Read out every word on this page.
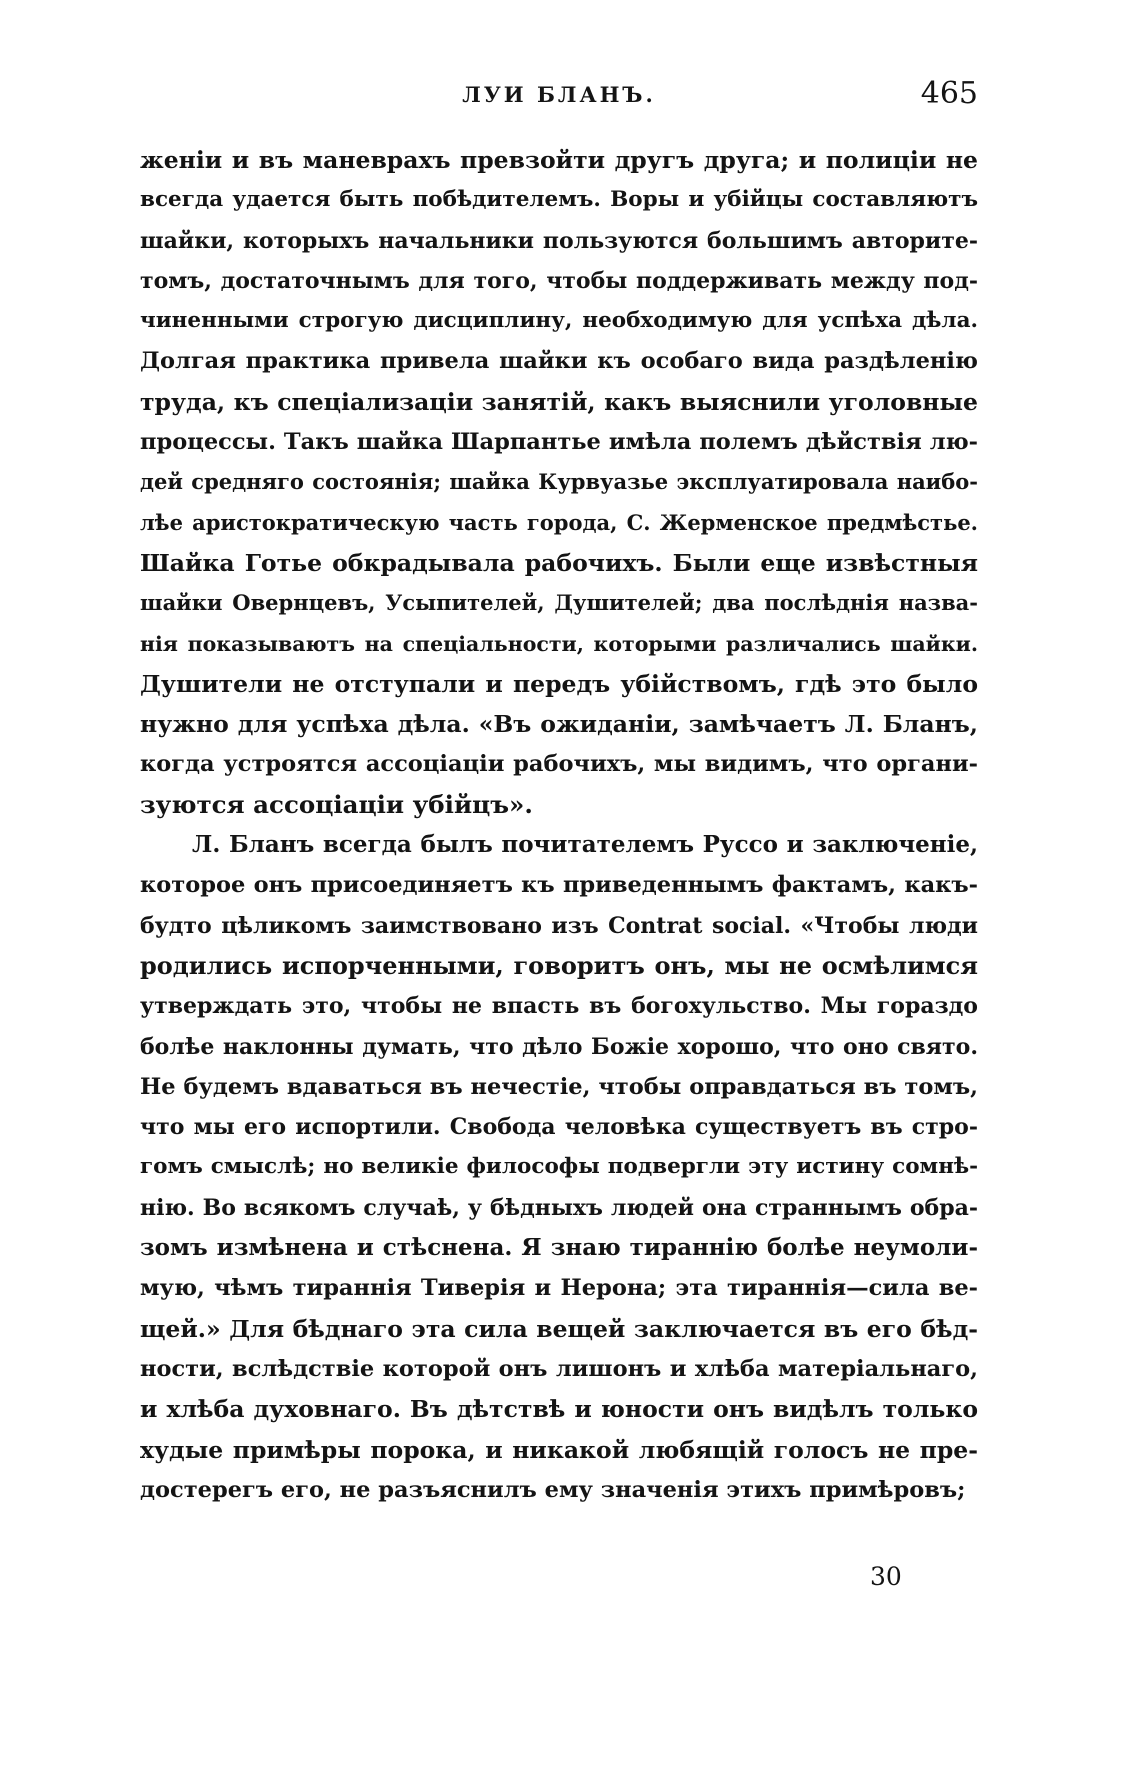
ЛУИ БЛАНЪ.	465
женіи и въ маневрахъ превзойти другъ друга; и полиціи не
всегда удается быть побѣдителемъ. Воры и убійцы составляютъ
шайки, которыхъ начальники пользуются большимъ авторите-
томъ, достаточнымъ для того, чтобы поддерживать между под-
чиненными строгую дисциплину, необходимую для успѣха дѣла.
Долгая практика привела шайки къ особаго вида раздѣленію
труда, къ спеціализаціи занятій, какъ выяснили уголовные
процессы. Такъ шайка Шарпантье имѣла полемъ дѣйствія лю-
дей средняго состоянія; шайка Курвуазье эксплуатировала наибо-
лѣе аристократическую часть города, С. Жерменское предмѣстье.
Шайка Готье обкрадывала рабочихъ. Были еще извѣстныя
шайки Овернцевъ, Усыпителей, Душителей; два послѣднія назва-
нія показываютъ на спеціальности, которыми различались шайки.
Душители не отступали и передъ убійствомъ, гдѣ это было
нужно для успѣха дѣла. «Въ ожиданіи, замѣчаетъ Л. Бланъ,
когда устроятся ассоціаціи рабочихъ, мы видимъ, что органи-
зуются ассоціаціи убійцъ».
Л. Бланъ всегда былъ почитателемъ Руссо и заключеніе,
которое онъ присоединяетъ къ приведеннымъ фактамъ, какъ-
будто цѣликомъ заимствовано изъ Contrat social. «Чтобы люди
родились испорченными, говоритъ онъ, мы не осмѣлимся
утверждать это, чтобы не впасть въ богохульство. Мы гораздо
болѣе наклонны думать, что дѣло Божіе хорошо, что оно свято.
Не будемъ вдаваться въ нечестіе, чтобы оправдаться въ томъ,
что мы его испортили. Свобода человѣка существуетъ въ стро-
гомъ смыслѣ; но великіе философы подвергли эту истину сомнѣ-
нію. Во всякомъ случаѣ, у бѣдныхъ людей она страннымъ обра-
зомъ измѣнена и стѣснена. Я знаю тираннію болѣе неумоли-
мую, чѣмъ тираннія Тиверія и Нерона; эта тираннія—сила ве-
щей.» Для бѣднаго эта сила вещей заключается въ его бѣд-
ности, вслѣдствіе которой онъ лишонъ и хлѣба матеріальнаго,
и хлѣба духовнаго. Въ дѣтствѣ и юности онъ видѣлъ только
худые примѣры порока, и никакой любящій голосъ не пре-
достерегъ его, не разъяснилъ ему значенія этихъ примѣровъ;
30
